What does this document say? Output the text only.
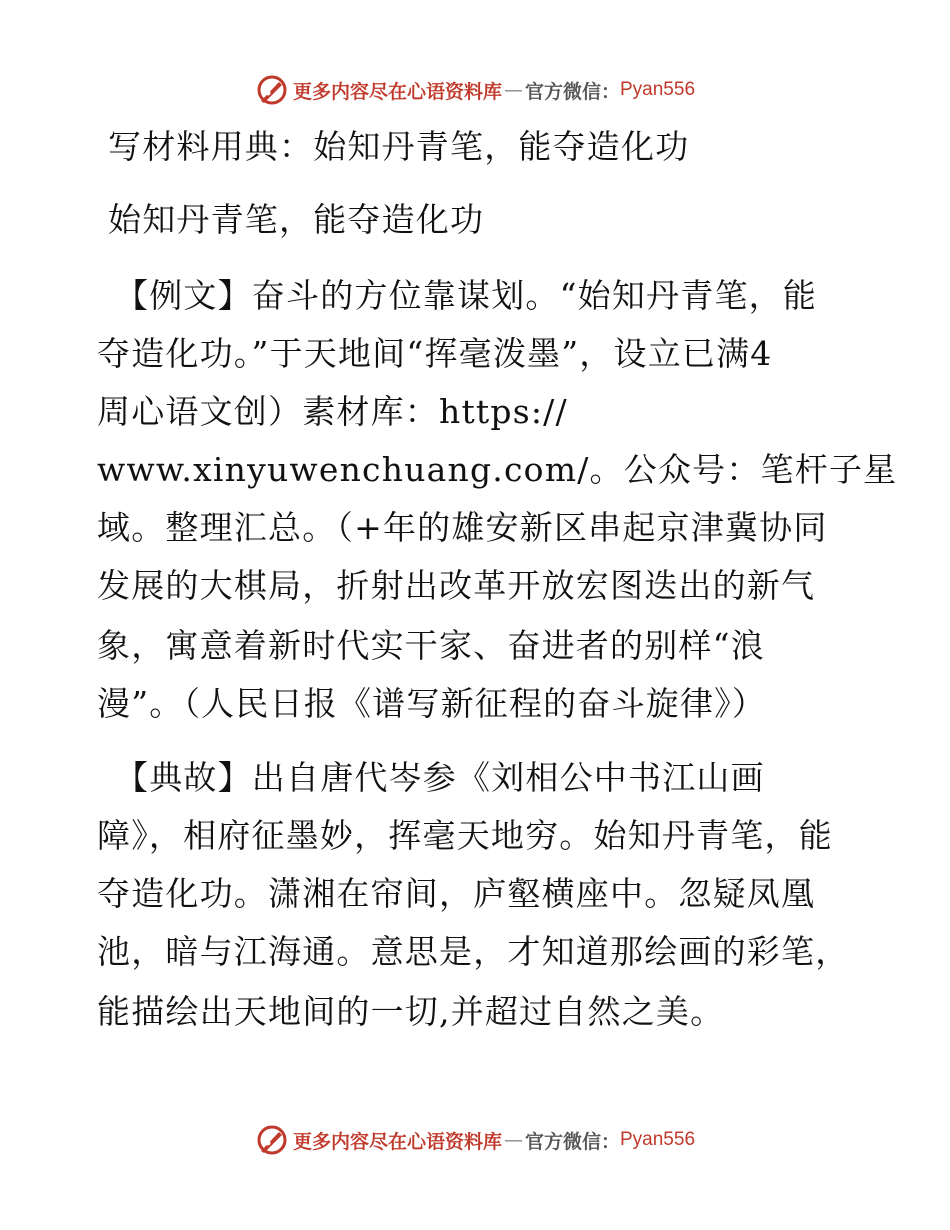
更多内容尽在心语资料库 — 官方微信： Pyan556
写材料用典：始知丹青笔，能夺造化功
始知丹青笔，能夺造化功
【例文】奋斗的方位靠谋划。“始知丹青笔，能
夺造化功。”于天地间“挥毫泼墨”，设立已满4
周心语文创）素材库：https://
www.xinyuwenchuang.com/。公众号：笔杆子星
域。整理汇总。（+年的雄安新区串起京津冀协同
发展的大棋局，折射出改革开放宏图迭出的新气
象，寓意着新时代实干家、奋进者的别样“浪
漫”。（人民日报《谱写新征程的奋斗旋律》）
【典故】出自唐代岑参《刘相公中书江山画
障》，相府征墨妙，挥毫天地穷。始知丹青笔，能
夺造化功。潇湘在帘间，庐壑横座中。忽疑凤凰
池，暗与江海通。意思是，才知道那绘画的彩笔，
能描绘出天地间的一切,并超过自然之美。
更多内容尽在心语资料库 — 官方微信： Pyan556
